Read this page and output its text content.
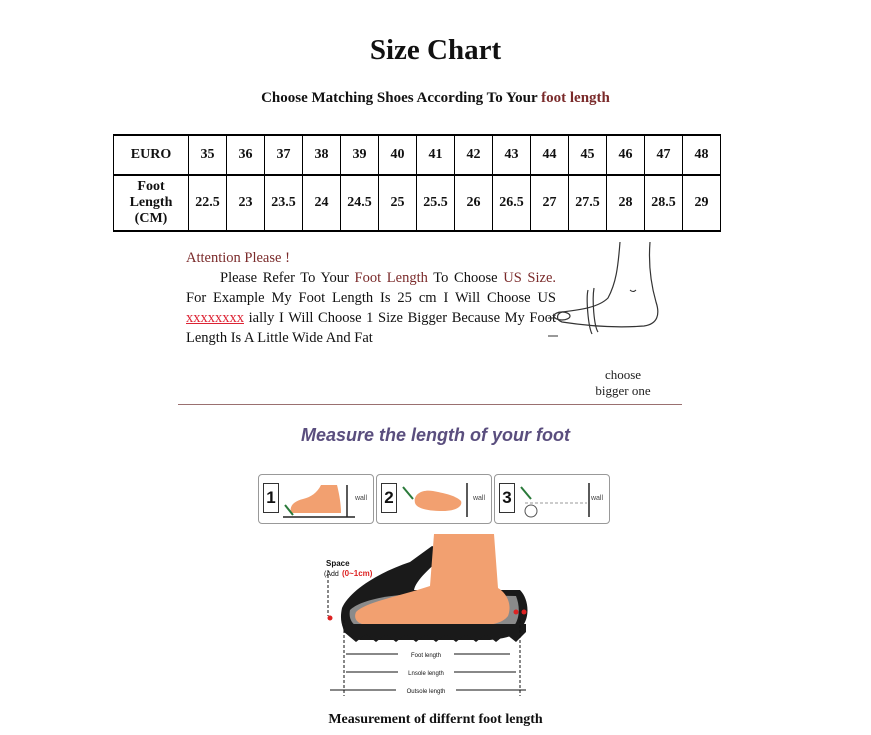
Size Chart
Choose Matching Shoes According To Your foot length
EURO	35	36	37	38	39	40	41	42	43	44	45	46	47	48

Foot
Length
(CM)	22.5	23	23.5	24	24.5	25	25.5	26	26.5	27	27.5	28	28.5	29
Attention Please !
Please Refer To Your Foot Length To Choose US Size. For Example My Foot Length Is 25 cm I Will Choose US xxxxxxxx ially I Will Choose 1 Size Bigger Because My Foot Length Is A Little Wide And Fat
choose
bigger one
Measure the length of your foot
1	wall 2	wall 3	wall
Space
(Add (0~1cm)
Foot length
Lnsole length
Outsole length
Measurement of differnt foot length
